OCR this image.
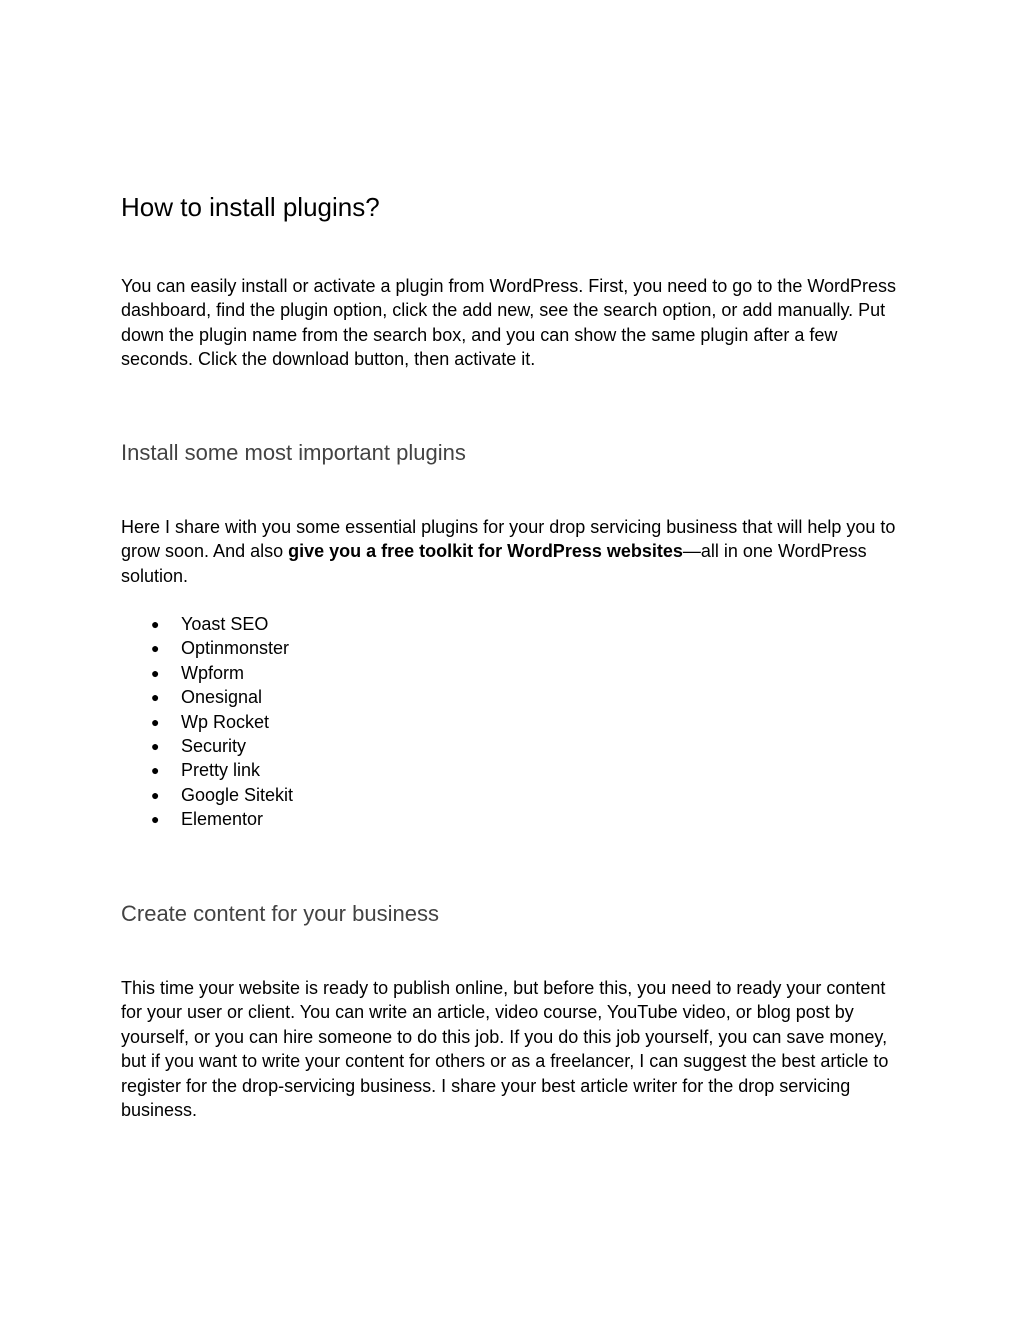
How to install plugins?

You can easily install or activate a plugin from WordPress. First, you need to go to the WordPress dashboard, find the plugin option, click the add new, see the search option, or add manually. Put down the plugin name from the search box, and you can show the same plugin after a few seconds. Click the download button, then activate it.

Install some most important plugins

Here I share with you some essential plugins for your drop servicing business that will help you to grow soon. And also give you a free toolkit for WordPress websites—all in one WordPress solution.

● Yoast SEO
● Optinmonster
● Wpform
● Onesignal
● Wp Rocket
● Security
● Pretty link
● Google Sitekit
● Elementor
Create content for your business

This time your website is ready to publish online, but before this, you need to ready your content for your user or client. You can write an article, video course, YouTube video, or blog post by yourself, or you can hire someone to do this job. If you do this job yourself, you can save money, but if you want to write your content for others or as a freelancer, I can suggest the best article to register for the drop-servicing business. I share your best article writer for the drop servicing business.
